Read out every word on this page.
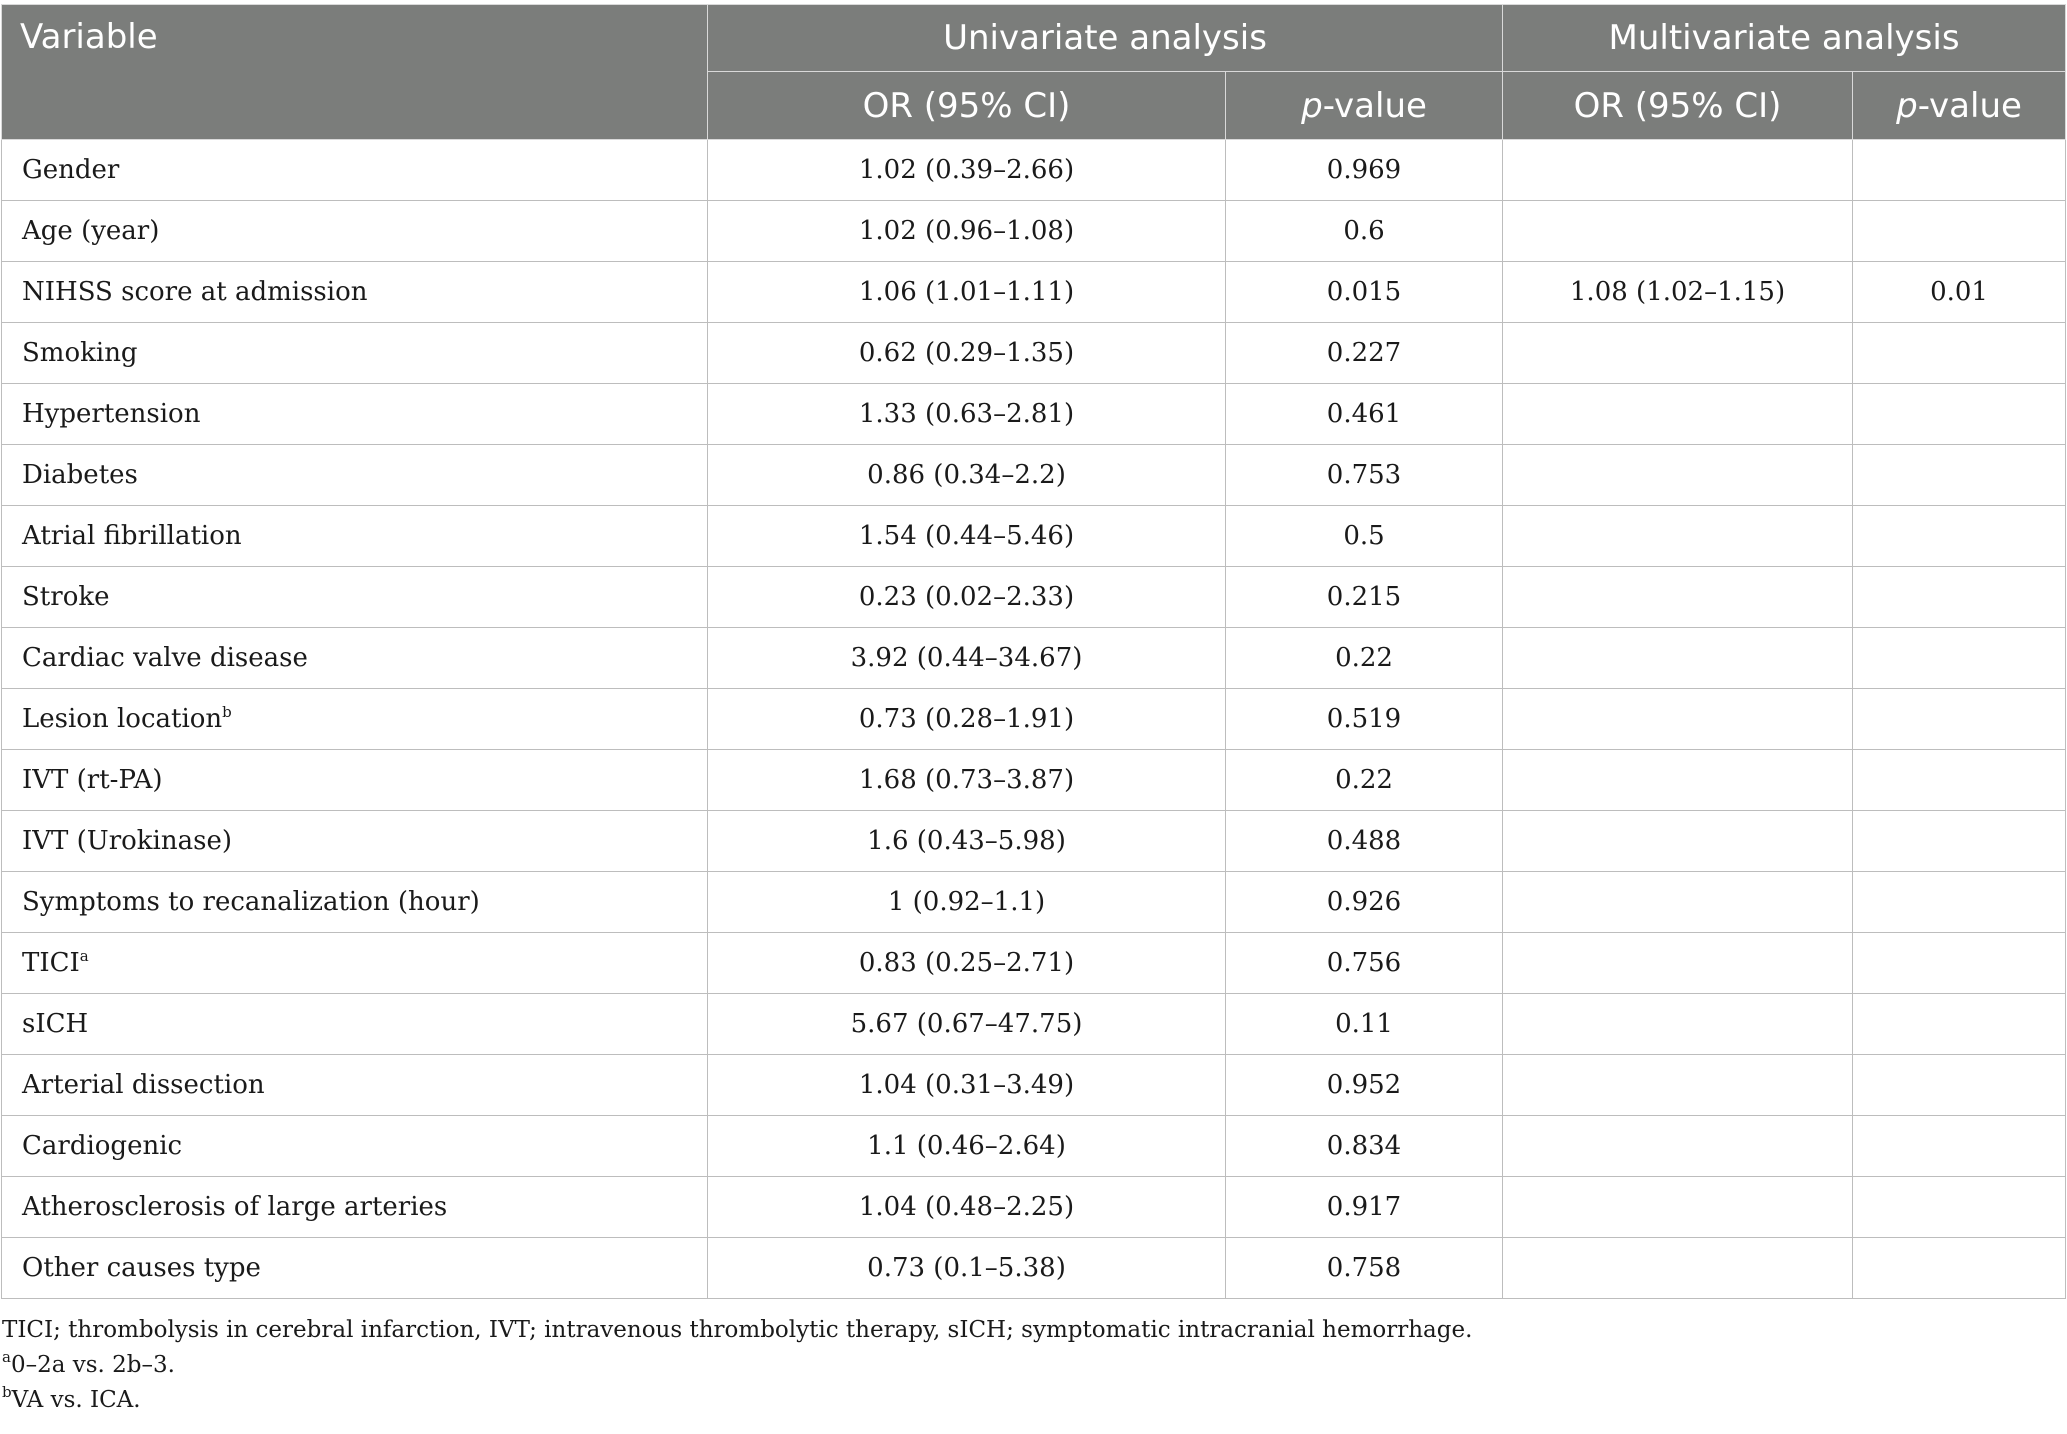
Variable	Univariate analysis		Multivariate analysis	
	OR (95% CI)	p-value	OR (95% CI)	p-value
Gender	1.02 (0.39–2.66)	0.969		
Age (year)	1.02 (0.96–1.08)	0.6		
NIHSS score at admission	1.06 (1.01–1.11)	0.015	1.08 (1.02–1.15)	0.01
Smoking	0.62 (0.29–1.35)	0.227		
Hypertension	1.33 (0.63–2.81)	0.461		
Diabetes	0.86 (0.34–2.2)	0.753		
Atrial fibrillation	1.54 (0.44–5.46)	0.5		
Stroke	0.23 (0.02–2.33)	0.215		
Cardiac valve disease	3.92 (0.44–34.67)	0.22		
Lesion location$^b$	0.73 (0.28–1.91)	0.519		
IVT (rt-PA)	1.68 (0.73–3.87)	0.22		
IVT (Urokinase)	1.6 (0.43–5.98)	0.488		
Symptoms to recanalization (hour)	1 (0.92–1.1)	0.926		
TICI$^a$	0.83 (0.25–2.71)	0.756		
sICH	5.67 (0.67–47.75)	0.11		
Arterial dissection	1.04 (0.31–3.49)	0.952		
Cardiogenic	1.1 (0.46–2.64)	0.834		
Atherosclerosis of large arteries	1.04 (0.48–2.25)	0.917		
Other causes type	0.73 (0.1–5.38)	0.758		
TICI; thrombolysis in cerebral infarction, IVT; intravenous thrombolytic therapy, sICH; symptomatic intracranial hemorrhage.
$^a$0–2a vs. 2b–3.
$^b$VA vs. ICA.
